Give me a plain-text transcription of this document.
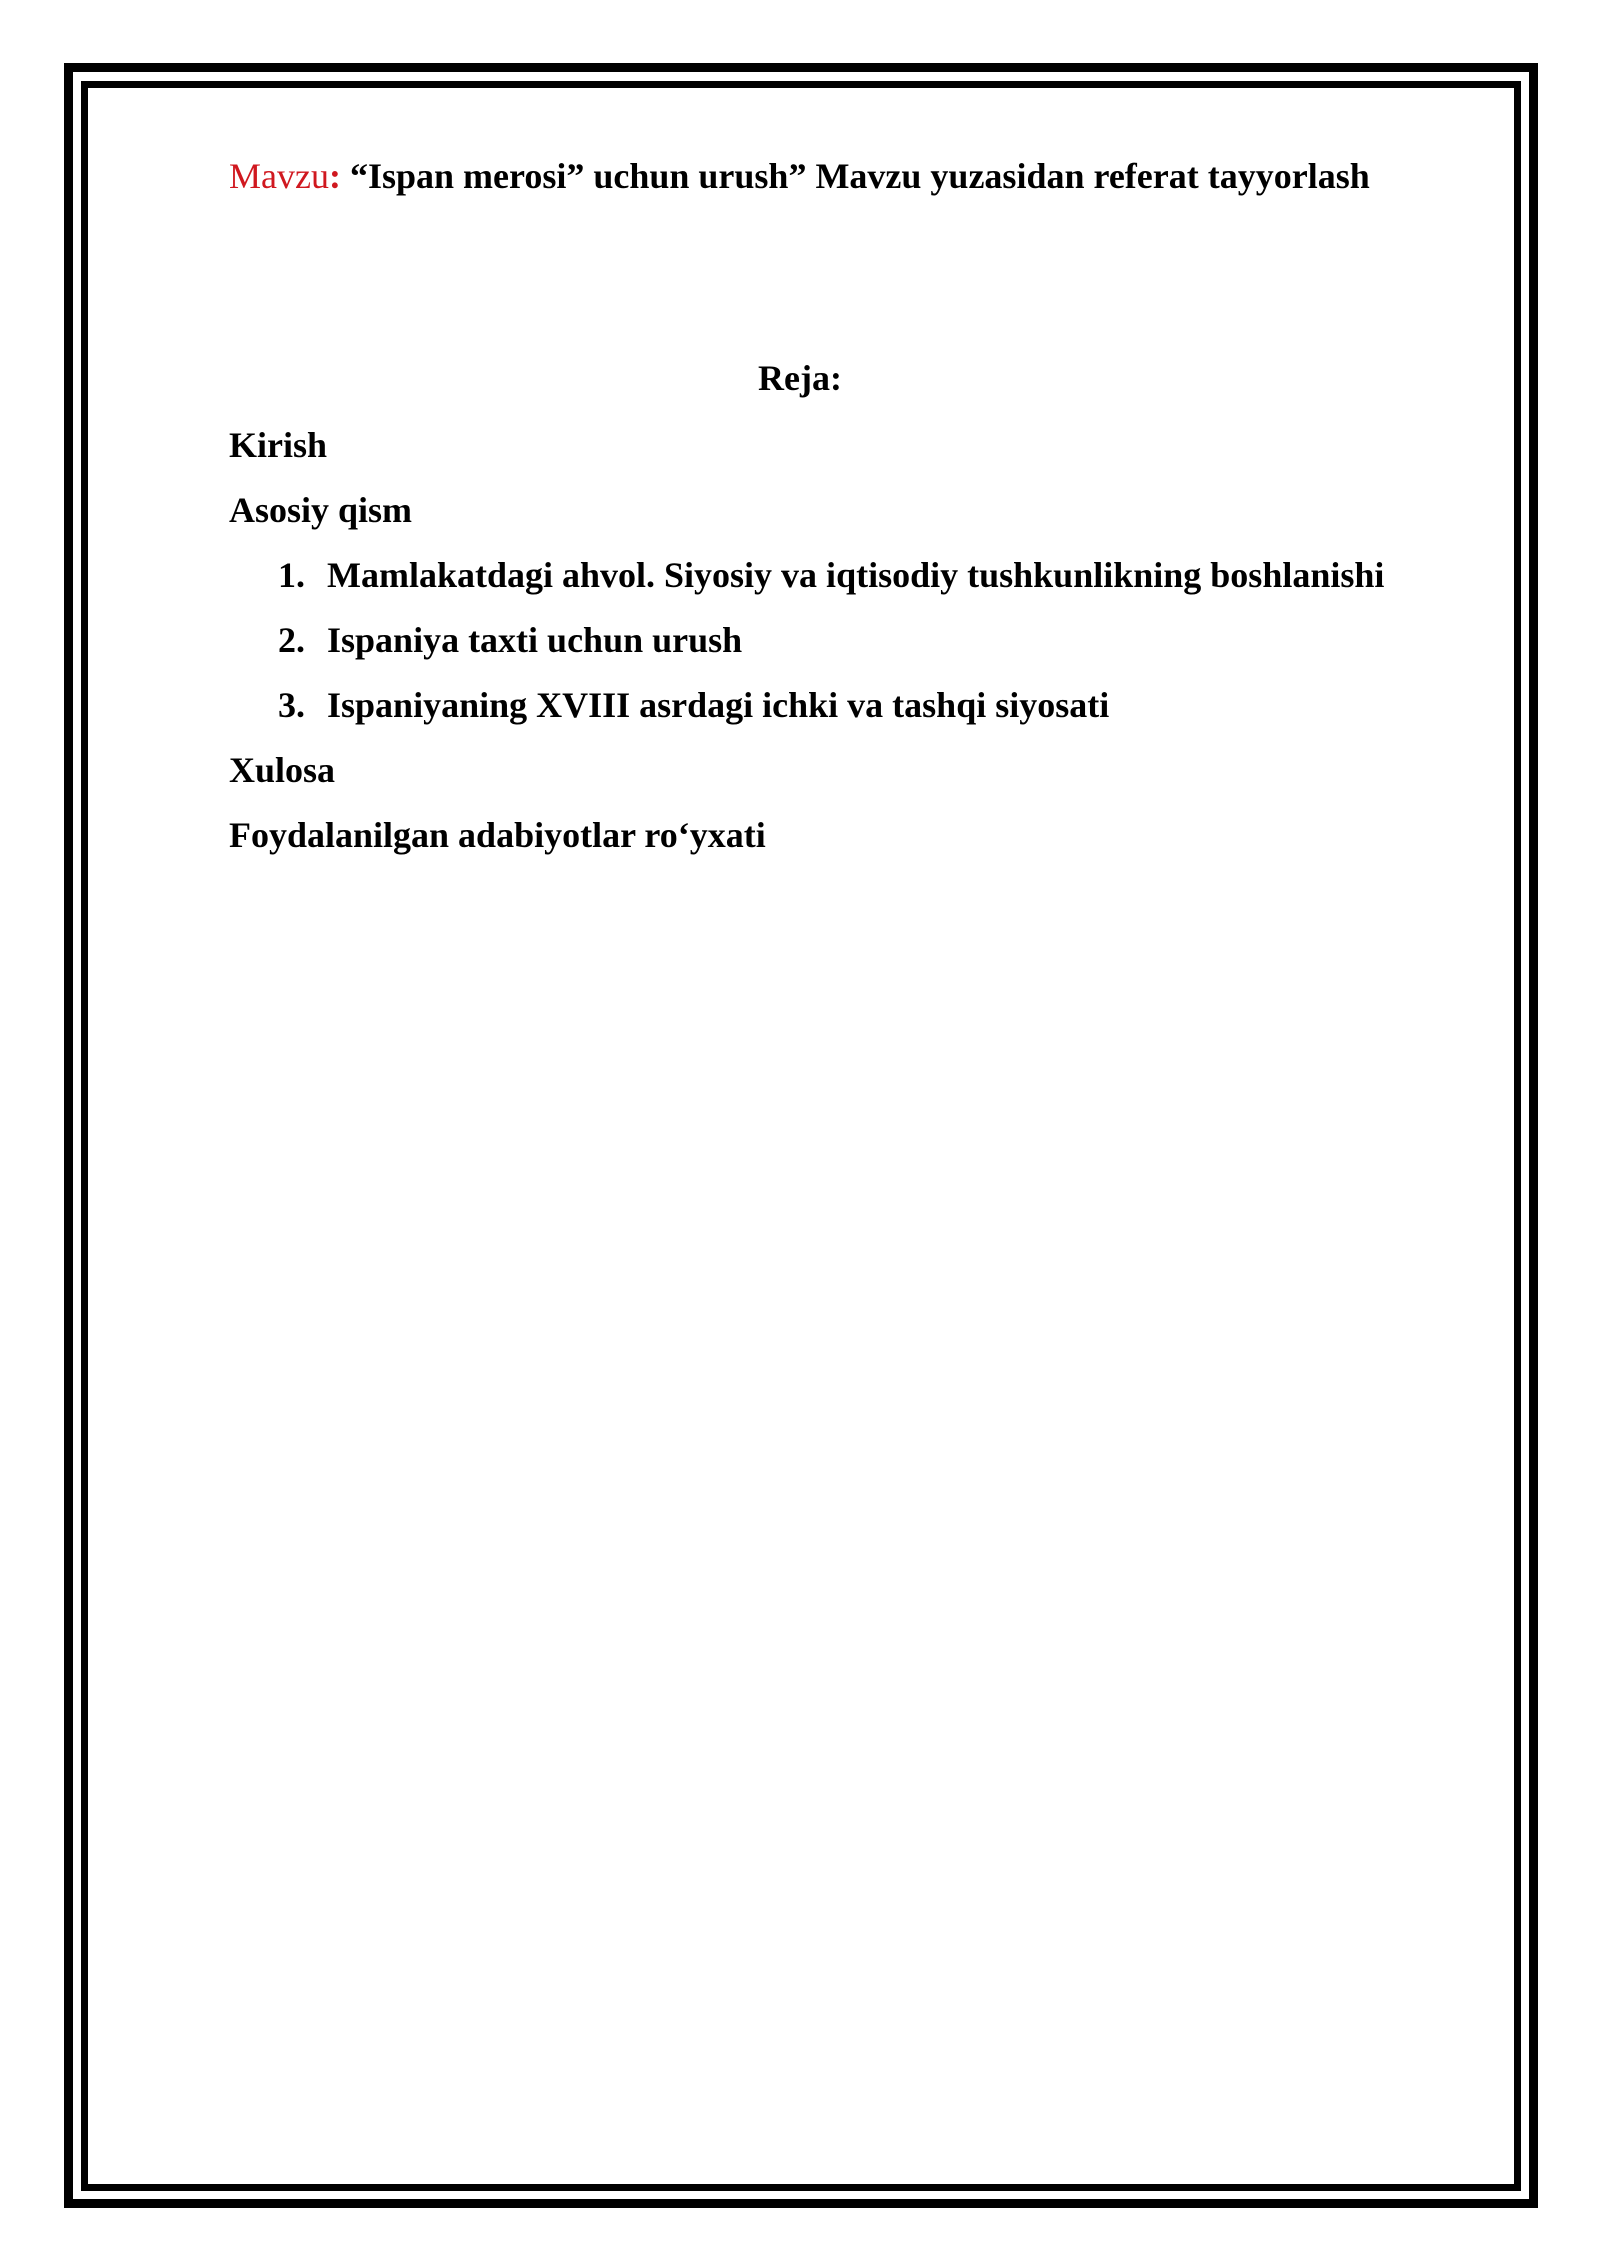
Mavzu: “Ispan merosi” uchun urush” Mavzu yuzasidan referat tayyorlash
Reja:
Kirish
Asosiy qism
1. Mamlakatdagi ahvol. Siyosiy va iqtisodiy tushkunlikning boshlanishi
2. Ispaniya taxti uchun urush
3. Ispaniyaning XVIII asrdagi ichki va tashqi siyosati
Xulosa
Foydalanilgan adabiyotlar ro‘yxati
